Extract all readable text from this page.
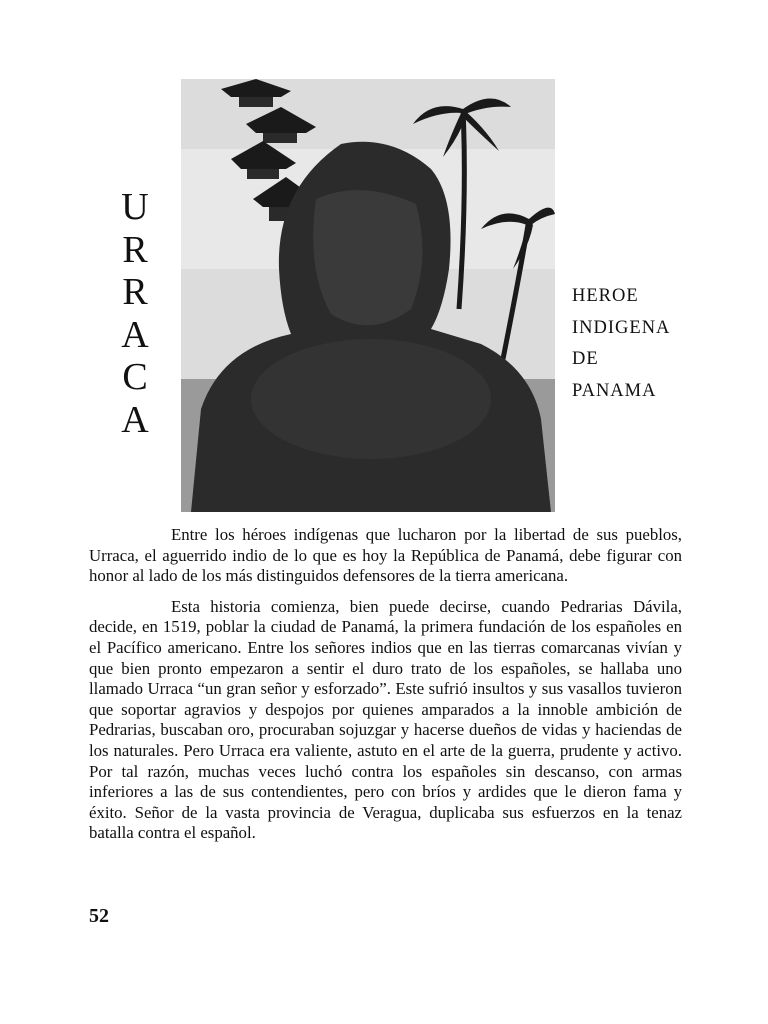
U
R
R
A
C
A
HEROE
INDIGENA
DE
PANAMA

Entre los héroes indígenas que lucharon por la libertad de sus pueblos, Urraca, el aguerrido indio de lo que es hoy la República de Panamá, debe figurar con honor al lado de los más distinguidos defensores de la tierra americana.

Esta historia comienza, bien puede decirse, cuando Pedrarias Dávila, decide, en 1519, poblar la ciudad de Panamá, la primera fundación de los españoles en el Pacífico americano. Entre los señores indios que en las tierras comarcanas vivían y que bien pronto empezaron a sentir el duro trato de los españoles, se hallaba uno llamado Urraca “un gran señor y esforzado”. Este sufrió insultos y sus vasallos tuvieron que soportar agravios y despojos por quienes amparados a la innoble ambición de Pedrarias, buscaban oro, procuraban sojuzgar y hacerse dueños de vidas y haciendas de los naturales. Pero Urraca era valiente, astuto en el arte de la guerra, prudente y activo. Por tal razón, muchas veces luchó contra los españoles sin descanso, con armas inferiores a las de sus contendientes, pero con bríos y ardides que le dieron fama y éxito. Señor de la vasta provincia de Veragua, duplicaba sus esfuerzos en la tenaz batalla contra el español.

52
